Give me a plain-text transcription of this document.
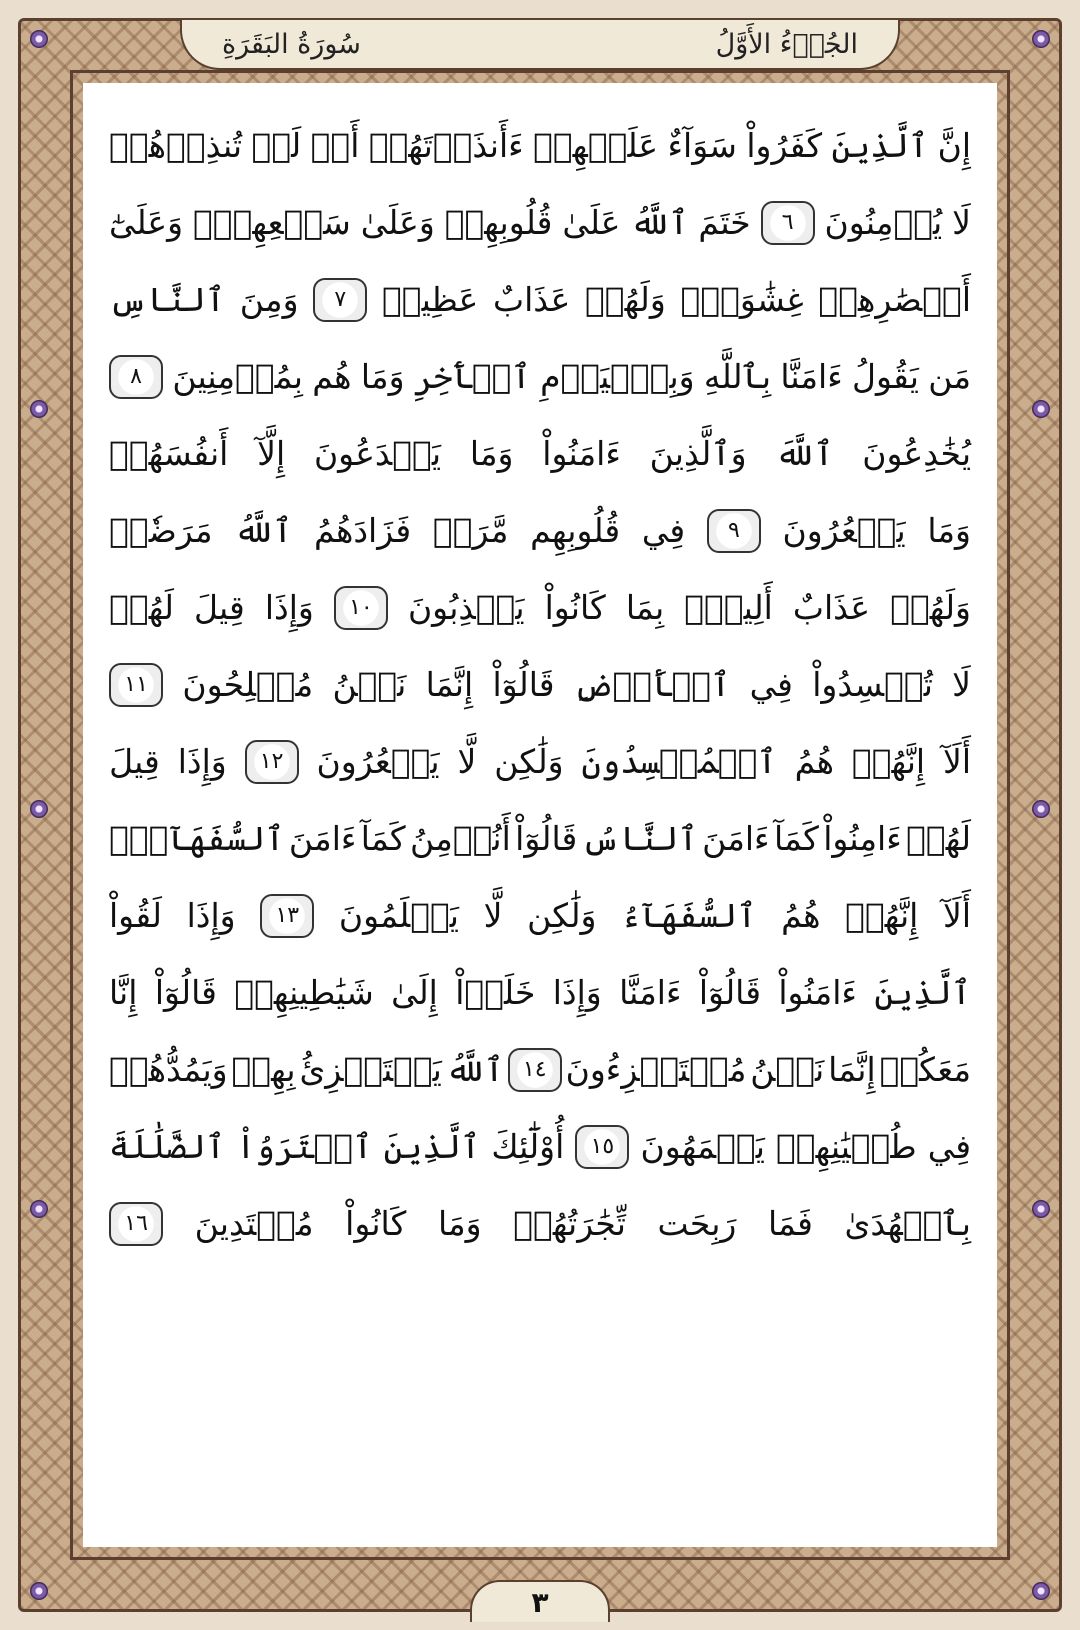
سُورَةُ البَقَرَةِ	الجُزۡءُ الأَوَّلُ
إِنَّ
ٱلَّذِينَ
كَفَرُواْ
سَوَآءٌ
عَلَيۡهِمۡ
ءَأَنذَرۡتَهُمۡ
أَمۡ
لَمۡ
تُنذِرۡهُمۡ
لَا
يُؤۡمِنُونَ
٦
خَتَمَ
ٱللَّهُ
عَلَىٰ
قُلُوبِهِمۡ
وَعَلَىٰ
سَمۡعِهِمۡۖ
وَعَلَىٰٓ
أَبۡصَٰرِهِمۡ
غِشَٰوَةٞۖ
وَلَهُمۡ
عَذَابٌ
عَظِيمٞ
٧
وَمِنَ
ٱلنَّاسِ
مَن
يَقُولُ
ءَامَنَّا
بِٱللَّهِ
وَبِٱلۡيَوۡمِ
ٱلۡأٓخِرِ
وَمَا
هُم
بِمُؤۡمِنِينَ
٨
يُخَٰدِعُونَ
ٱللَّهَ
وَٱلَّذِينَ
ءَامَنُواْ
وَمَا
يَخۡدَعُونَ
إِلَّآ
أَنفُسَهُمۡ
وَمَا
يَشۡعُرُونَ
٩
فِي
قُلُوبِهِم
مَّرَضٞ
فَزَادَهُمُ
ٱللَّهُ
مَرَضٗاۖ
وَلَهُمۡ
عَذَابٌ
أَلِيمُۢ
بِمَا
كَانُواْ
يَكۡذِبُونَ
١٠
وَإِذَا
قِيلَ
لَهُمۡ
لَا
تُفۡسِدُواْ
فِي
ٱلۡأَرۡضِ
قَالُوٓاْ
إِنَّمَا
نَحۡنُ
مُصۡلِحُونَ
١١
أَلَآ
إِنَّهُمۡ
هُمُ
ٱلۡمُفۡسِدُونَ
وَلَٰكِن
لَّا
يَشۡعُرُونَ
١٢
وَإِذَا
قِيلَ
لَهُمۡ
ءَامِنُواْ
كَمَآ
ءَامَنَ
ٱلنَّاسُ
قَالُوٓاْ
أَنُؤۡمِنُ
كَمَآ
ءَامَنَ
ٱلسُّفَهَآءُۗ
أَلَآ
إِنَّهُمۡ
هُمُ
ٱلسُّفَهَآءُ
وَلَٰكِن
لَّا
يَعۡلَمُونَ
١٣
وَإِذَا
لَقُواْ
ٱلَّذِينَ
ءَامَنُواْ
قَالُوٓاْ
ءَامَنَّا
وَإِذَا
خَلَوۡاْ
إِلَىٰ
شَيَٰطِينِهِمۡ
قَالُوٓاْ
إِنَّا
مَعَكُمۡ
إِنَّمَا
نَحۡنُ
مُسۡتَهۡزِءُونَ
١٤
ٱللَّهُ
يَسۡتَهۡزِئُ
بِهِمۡ
وَيَمُدُّهُمۡ
فِي
طُغۡيَٰنِهِمۡ
يَعۡمَهُونَ
١٥
أُوْلَٰٓئِكَ
ٱلَّذِينَ
ٱشۡتَرَوُاْ
ٱلضَّلَٰلَةَ
بِٱلۡهُدَىٰ
فَمَا
رَبِحَت
تِّجَٰرَتُهُمۡ
وَمَا
كَانُواْ
مُهۡتَدِينَ
١٦
۳
